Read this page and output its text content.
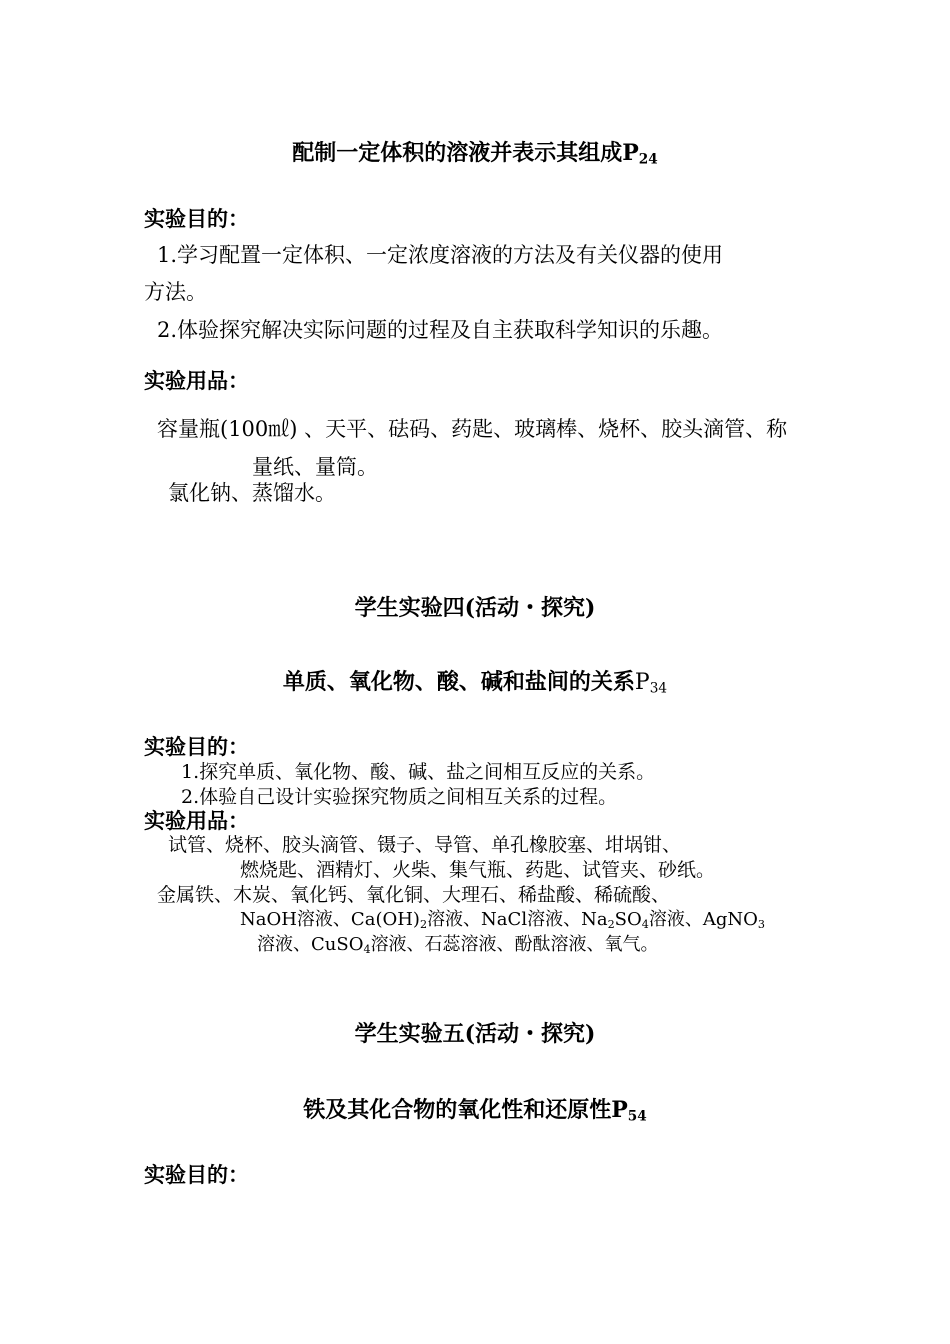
配制一定体积的溶液并表示其组成$P_{24}$
实验目的：
1.学习配置一定体积、一定浓度溶液的方法及有关仪器的使用
方法。
2.体验探究解决实际问题的过程及自主获取科学知识的乐趣。
实验用品：
容量瓶(100㎖) 、天平、砝码、药匙、玻璃棒、烧杯、胶头滴管、称
量纸、量筒。
氯化钠、蒸馏水。
学生实验四(活动・探究)
单质、氧化物、酸、碱和盐间的关系$P_{34}$
实验目的：
1.探究单质、氧化物、酸、碱、盐之间相互反应的关系。
2.体验自己设计实验探究物质之间相互关系的过程。
实验用品：
试管、烧杯、胶头滴管、镊子、导管、单孔橡胶塞、坩埚钳、
燃烧匙、酒精灯、火柴、集气瓶、药匙、试管夹、砂纸。
金属铁、木炭、氧化钙、氧化铜、大理石、稀盐酸、稀硫酸、
NaOH溶液、$Ca(OH)_2$溶液、NaCl溶液、$Na_2SO_4$溶液、AgNO$_3$
溶液、CuSO$_4$溶液、石蕊溶液、酚酞溶液、氧气。
学生实验五(活动・探究)
铁及其化合物的氧化性和还原性$P_{54}$
实验目的：
